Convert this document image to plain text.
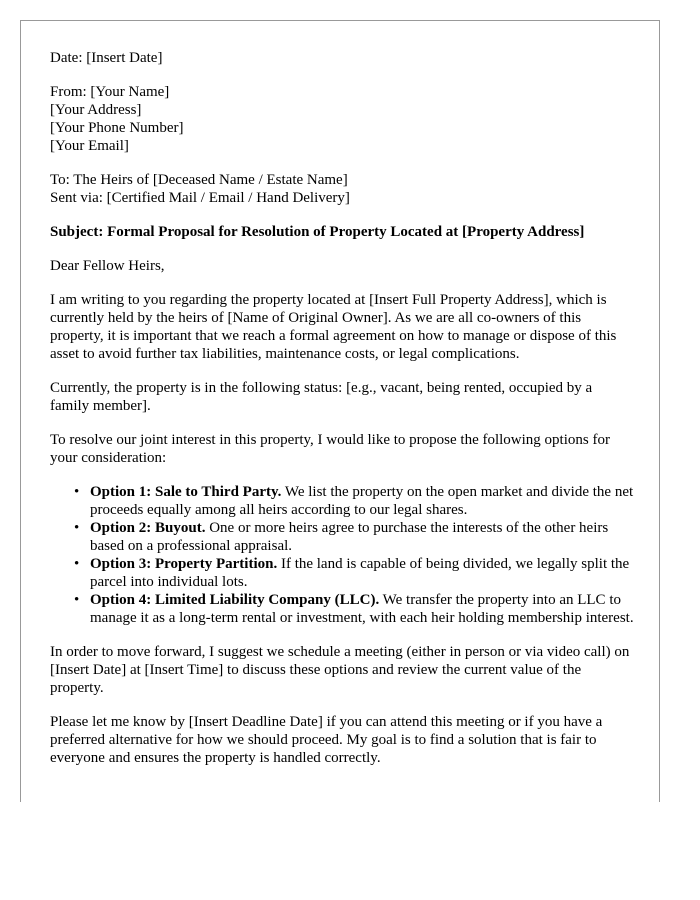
Date: [Insert Date]

From: [Your Name]
[Your Address]
[Your Phone Number]
[Your Email]

To: The Heirs of [Deceased Name / Estate Name]
Sent via: [Certified Mail / Email / Hand Delivery]

Subject: Formal Proposal for Resolution of Property Located at [Property Address]

Dear Fellow Heirs,

I am writing to you regarding the property located at [Insert Full Property Address], which is currently held by the heirs of [Name of Original Owner]. As we are all co-owners of this property, it is important that we reach a formal agreement on how to manage or dispose of this asset to avoid further tax liabilities, maintenance costs, or legal complications.

Currently, the property is in the following status: [e.g., vacant, being rented, occupied by a family member].

To resolve our joint interest in this property, I would like to propose the following options for your consideration:

• Option 1: Sale to Third Party. We list the property on the open market and divide the net proceeds equally among all heirs according to our legal shares.
• Option 2: Buyout. One or more heirs agree to purchase the interests of the other heirs based on a professional appraisal.
• Option 3: Property Partition. If the land is capable of being divided, we legally split the parcel into individual lots.
• Option 4: Limited Liability Company (LLC). We transfer the property into an LLC to manage it as a long-term rental or investment, with each heir holding membership interest.

In order to move forward, I suggest we schedule a meeting (either in person or via video call) on [Insert Date] at [Insert Time] to discuss these options and review the current value of the property.

Please let me know by [Insert Deadline Date] if you can attend this meeting or if you have a preferred alternative for how we should proceed. My goal is to find a solution that is fair to everyone and ensures the property is handled correctly.
